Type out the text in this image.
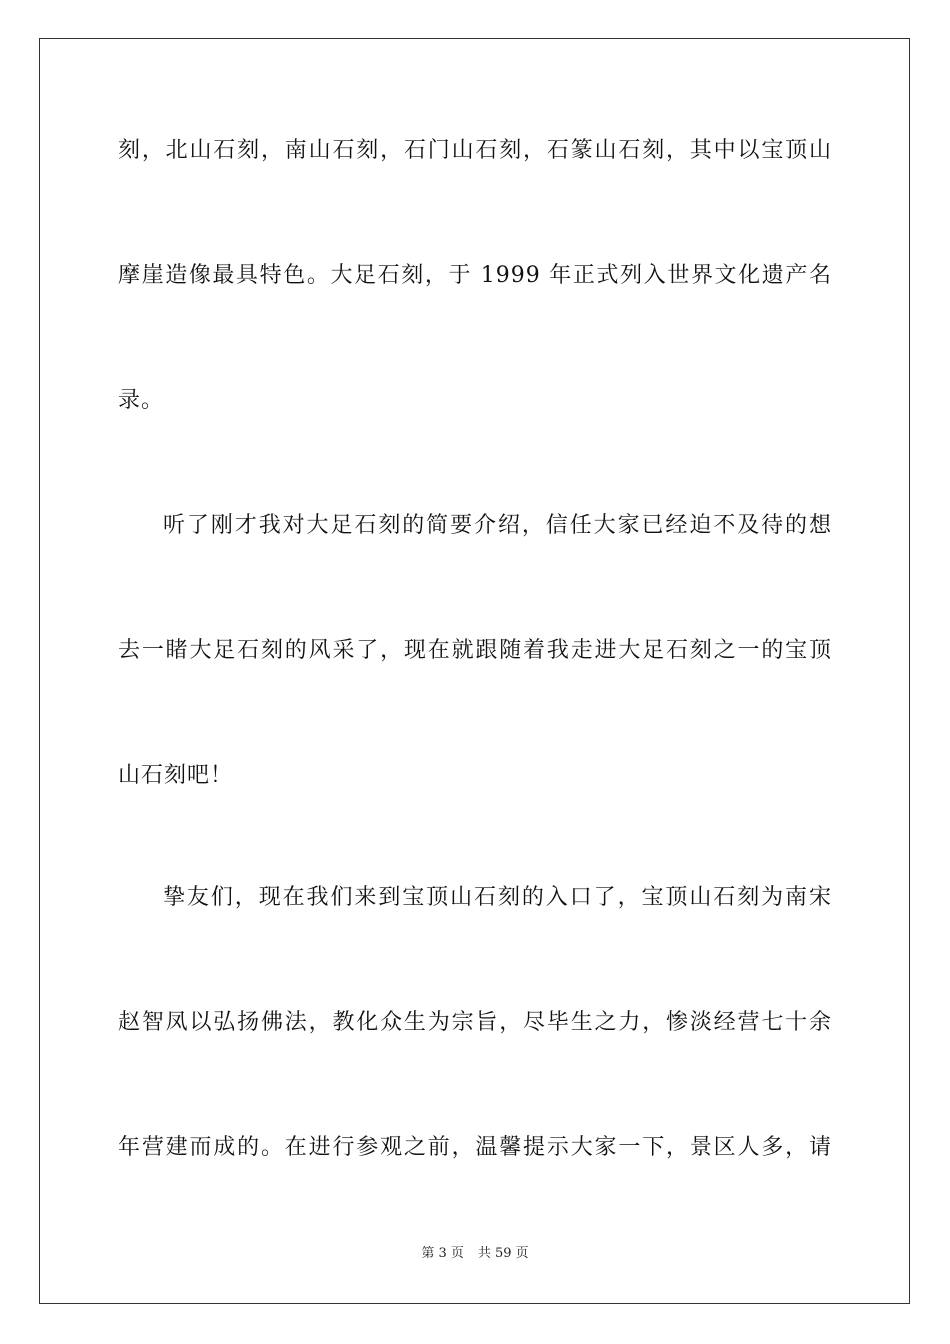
刻，北山石刻，南山石刻，石门山石刻，石篆山石刻，其中以宝顶山
摩崖造像最具特色。大足石刻，于 1999 年正式列入世界文化遗产名
录。
听了刚才我对大足石刻的简要介绍，信任大家已经迫不及待的想
去一睹大足石刻的风采了，现在就跟随着我走进大足石刻之一的宝顶
山石刻吧！
挚友们，现在我们来到宝顶山石刻的入口了，宝顶山石刻为南宋
赵智凤以弘扬佛法，教化众生为宗旨，尽毕生之力，惨淡经营七十余
年营建而成的。在进行参观之前，温馨提示大家一下，景区人多，请
第 3 页 共 59 页
